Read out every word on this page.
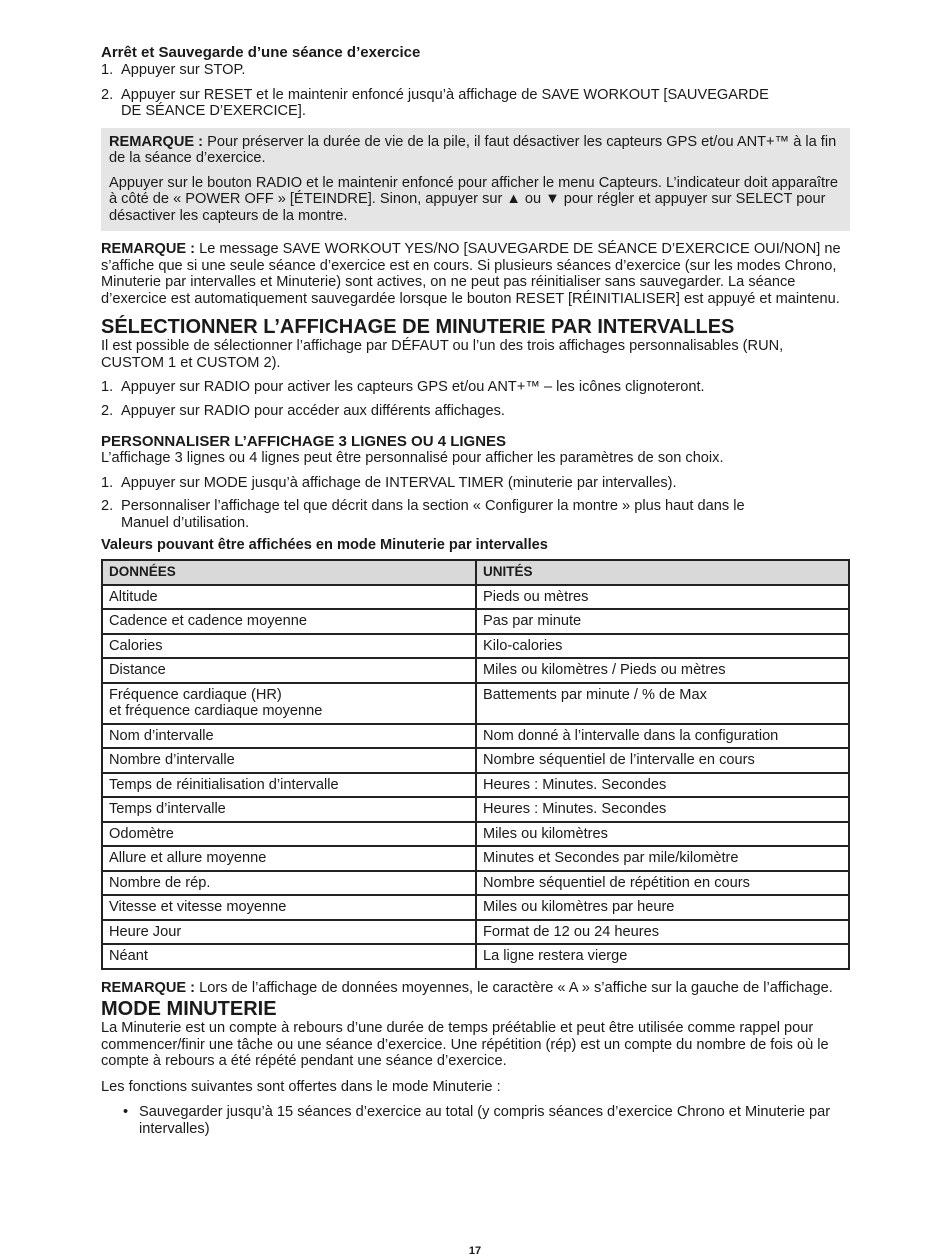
Arrêt et Sauvegarde d’une séance d’exercice

1. Appuyer sur STOP.
2. Appuyer sur RESET et le maintenir enfoncé jusqu’à affichage de SAVE WORKOUT [SAUVEGARDE DE SÉANCE D’EXERCICE].

REMARQUE : Pour préserver la durée de vie de la pile, il faut désactiver les capteurs GPS et/ou ANT+™ à la fin de la séance d’exercice.

Appuyer sur le bouton RADIO et le maintenir enfoncé pour afficher le menu Capteurs. L’indicateur doit apparaître à côté de « POWER OFF » [ÉTEINDRE]. Sinon, appuyer sur ▲ ou ▼ pour régler et appuyer sur SELECT pour désactiver les capteurs de la montre.

REMARQUE : Le message SAVE WORKOUT YES/NO [SAUVEGARDE DE SÉANCE D’EXERCICE OUI/NON] ne s’affiche que si une seule séance d’exercice est en cours. Si plusieurs séances d’exercice (sur les modes Chrono, Minuterie par intervalles et Minuterie) sont actives, on ne peut pas réinitialiser sans sauvegarder. La séance d’exercice est automatiquement sauvegardée lorsque le bouton RESET [RÉINITIALISER] est appuyé et maintenu.

SÉLECTIONNER L’AFFICHAGE DE MINUTERIE PAR INTERVALLES

Il est possible de sélectionner l’affichage par DÉFAUT ou l’un des trois affichages personnalisables (RUN, CUSTOM 1 et CUSTOM 2).

1. Appuyer sur RADIO pour activer les capteurs GPS et/ou ANT+™ – les icônes clignoteront.
2. Appuyer sur RADIO pour accéder aux différents affichages.

PERSONNALISER L’AFFICHAGE 3 LIGNES OU 4 LIGNES

L’affichage 3 lignes ou 4 lignes peut être personnalisé pour afficher les paramètres de son choix.

1. Appuyer sur MODE jusqu’à affichage de INTERVAL TIMER (minuterie par intervalles).
2. Personnaliser l’affichage tel que décrit dans la section « Configurer la montre » plus haut dans le Manuel d’utilisation.

Valeurs pouvant être affichées en mode Minuterie par intervalles

DONNÉES	UNITÉS
Altitude	Pieds ou mètres
Cadence et cadence moyenne	Pas par minute
Calories	Kilo-calories
Distance	Miles ou kilomètres / Pieds ou mètres
Fréquence cardiaque (HR)
et fréquence cardiaque moyenne	Battements par minute / % de Max
Nom d’intervalle	Nom donné à l’intervalle dans la configuration
Nombre d’intervalle	Nombre séquentiel de l’intervalle en cours
Temps de réinitialisation d’intervalle	Heures : Minutes. Secondes
Temps d’intervalle	Heures : Minutes. Secondes
Odomètre	Miles ou kilomètres
Allure et allure moyenne	Minutes et Secondes par mile/kilomètre
Nombre de rép.	Nombre séquentiel de répétition en cours
Vitesse et vitesse moyenne	Miles ou kilomètres par heure
Heure Jour	Format de 12 ou 24 heures
Néant	La ligne restera vierge

REMARQUE : Lors de l’affichage de données moyennes, le caractère « A » s’affiche sur la gauche de l’affichage.

MODE MINUTERIE

La Minuterie est un compte à rebours d’une durée de temps préétablie et peut être utilisée comme rappel pour commencer/finir une tâche ou une séance d’exercice. Une répétition (rép) est un compte du nombre de fois où le compte à rebours a été répété pendant une séance d’exercice.

Les fonctions suivantes sont offertes dans le mode Minuterie :

• Sauvegarder jusqu’à 15 séances d’exercice au total (y compris séances d’exercice Chrono et Minuterie par intervalles)
17
